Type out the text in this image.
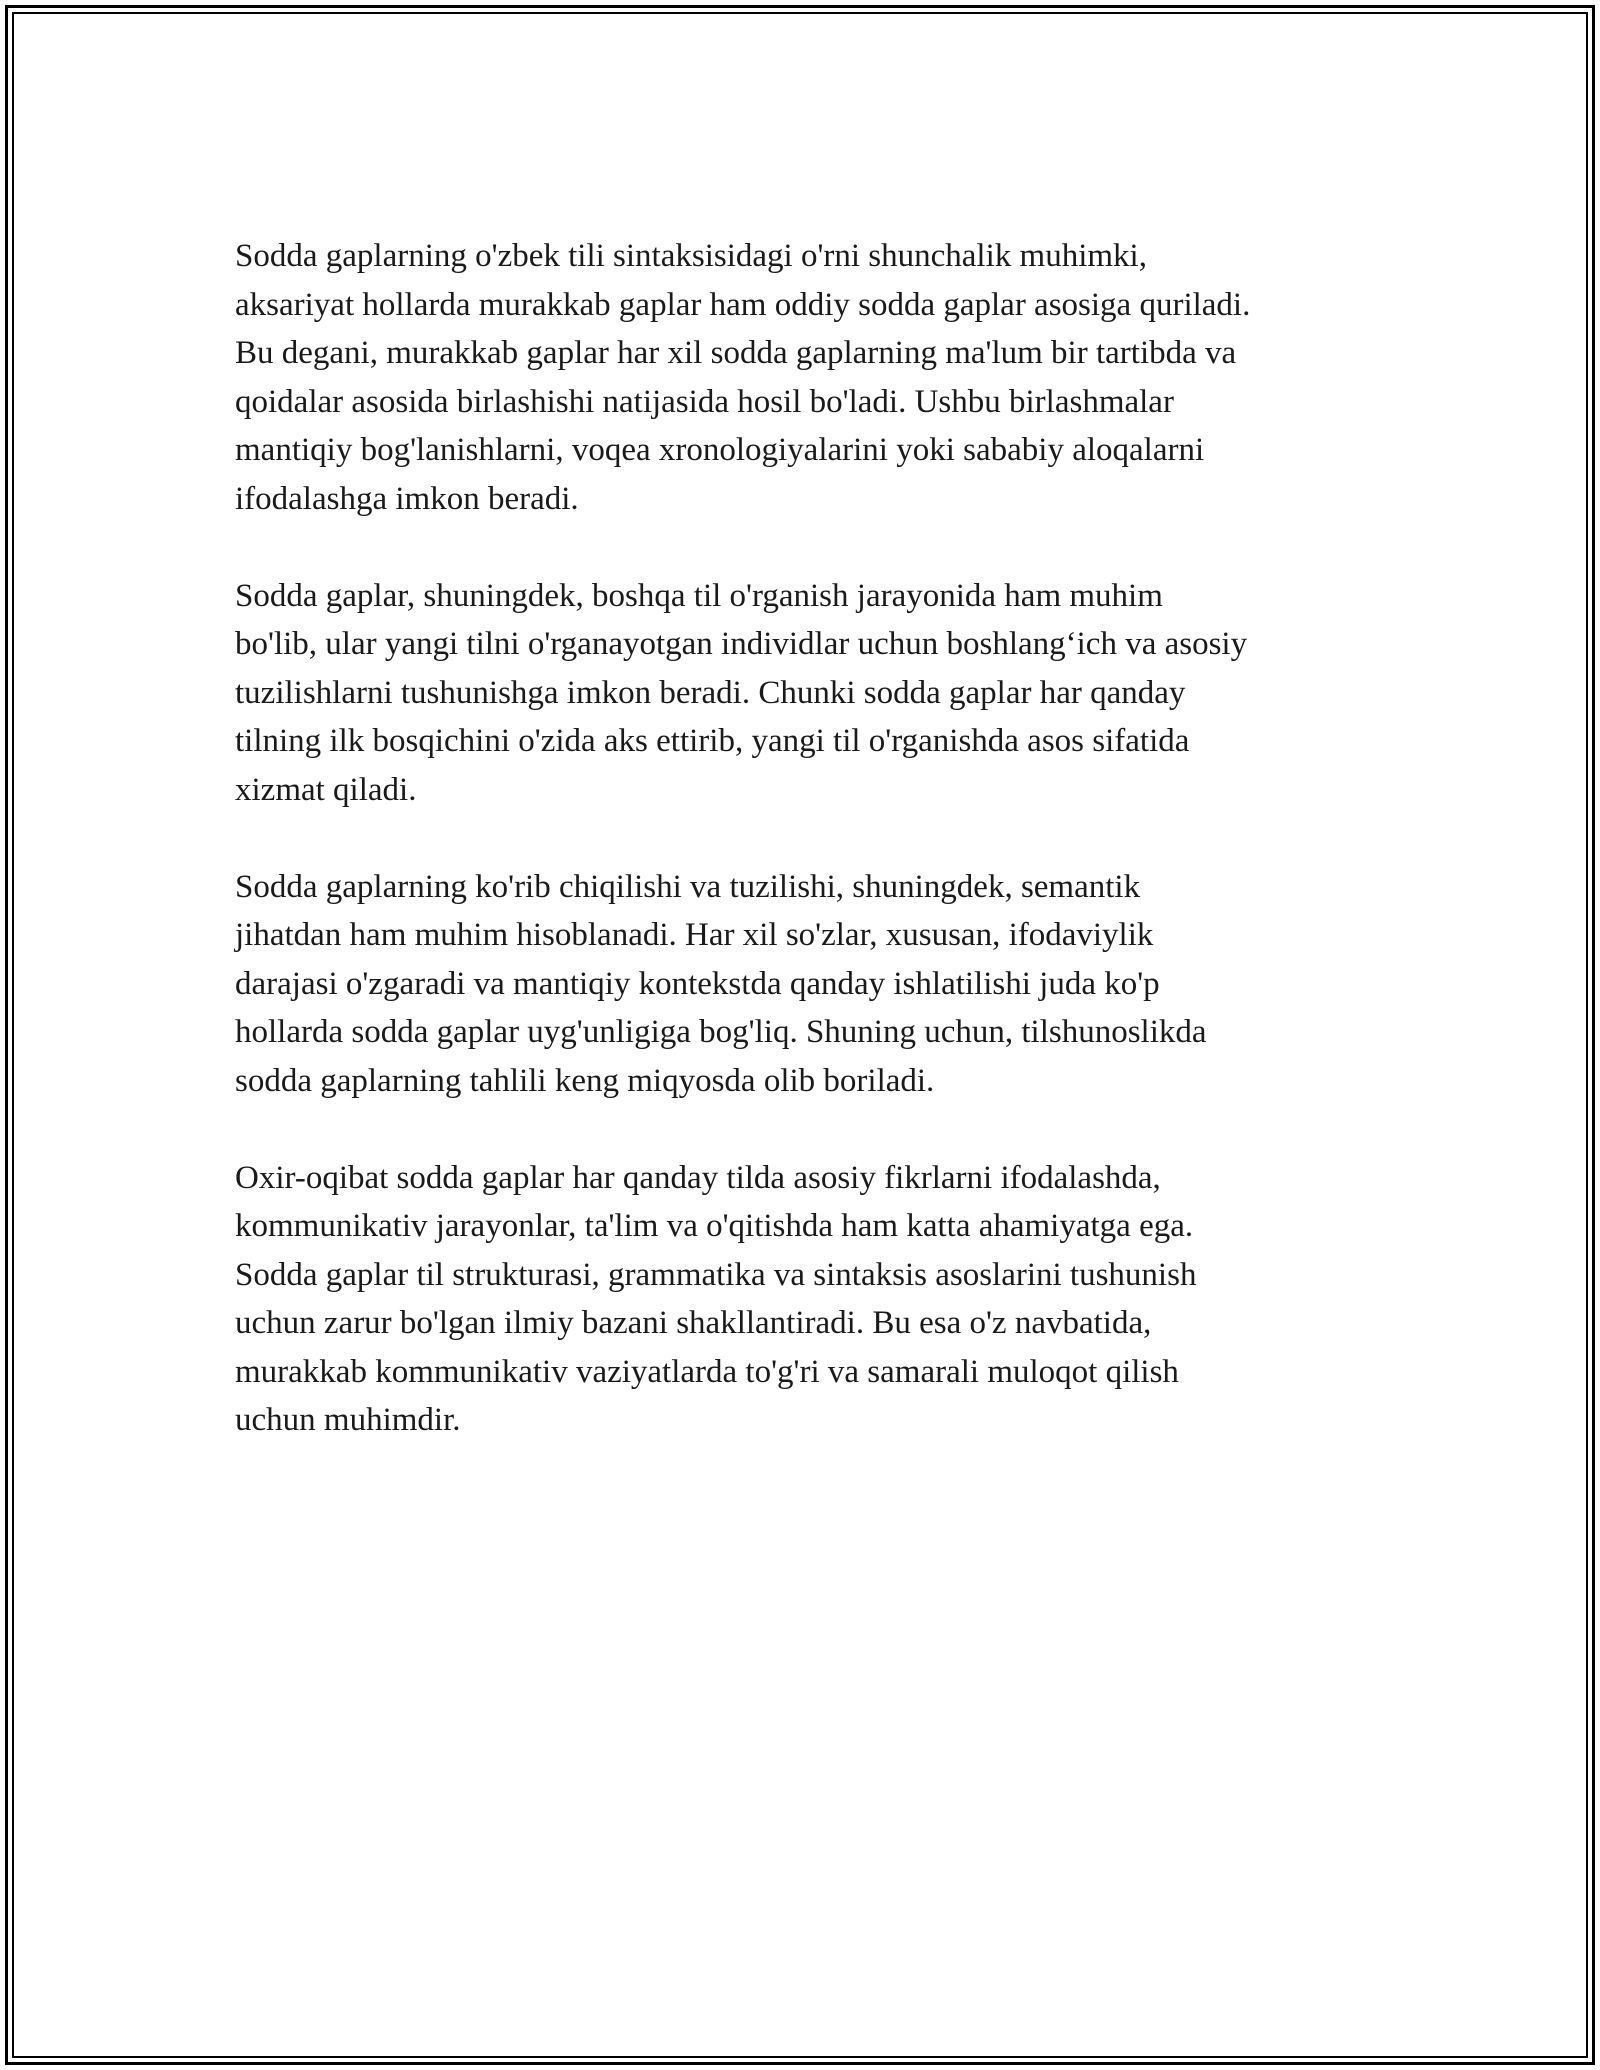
Sodda gaplarning o'zbek tili sintaksisidagi o'rni shunchalik muhimki,
aksariyat hollarda murakkab gaplar ham oddiy sodda gaplar asosiga quriladi.
Bu degani, murakkab gaplar har xil sodda gaplarning ma'lum bir tartibda va
qoidalar asosida birlashishi natijasida hosil bo'ladi. Ushbu birlashmalar
mantiqiy bog'lanishlarni, voqea xronologiyalarini yoki sababiy aloqalarni
ifodalashga imkon beradi.

Sodda gaplar, shuningdek, boshqa til o'rganish jarayonida ham muhim
bo'lib, ular yangi tilni o'rganayotgan individlar uchun boshlang‘ich va asosiy
tuzilishlarni tushunishga imkon beradi. Chunki sodda gaplar har qanday
tilning ilk bosqichini o'zida aks ettirib, yangi til o'rganishda asos sifatida
xizmat qiladi.

Sodda gaplarning ko'rib chiqilishi va tuzilishi, shuningdek, semantik
jihatdan ham muhim hisoblanadi. Har xil so'zlar, xususan, ifodaviylik
darajasi o'zgaradi va mantiqiy kontekstda qanday ishlatilishi juda ko'p
hollarda sodda gaplar uyg'unligiga bog'liq. Shuning uchun, tilshunoslikda
sodda gaplarning tahlili keng miqyosda olib boriladi.

Oxir-oqibat sodda gaplar har qanday tilda asosiy fikrlarni ifodalashda,
kommunikativ jarayonlar, ta'lim va o'qitishda ham katta ahamiyatga ega.
Sodda gaplar til strukturasi, grammatika va sintaksis asoslarini tushunish
uchun zarur bo'lgan ilmiy bazani shakllantiradi. Bu esa o'z navbatida,
murakkab kommunikativ vaziyatlarda to'g'ri va samarali muloqot qilish
uchun muhimdir.
